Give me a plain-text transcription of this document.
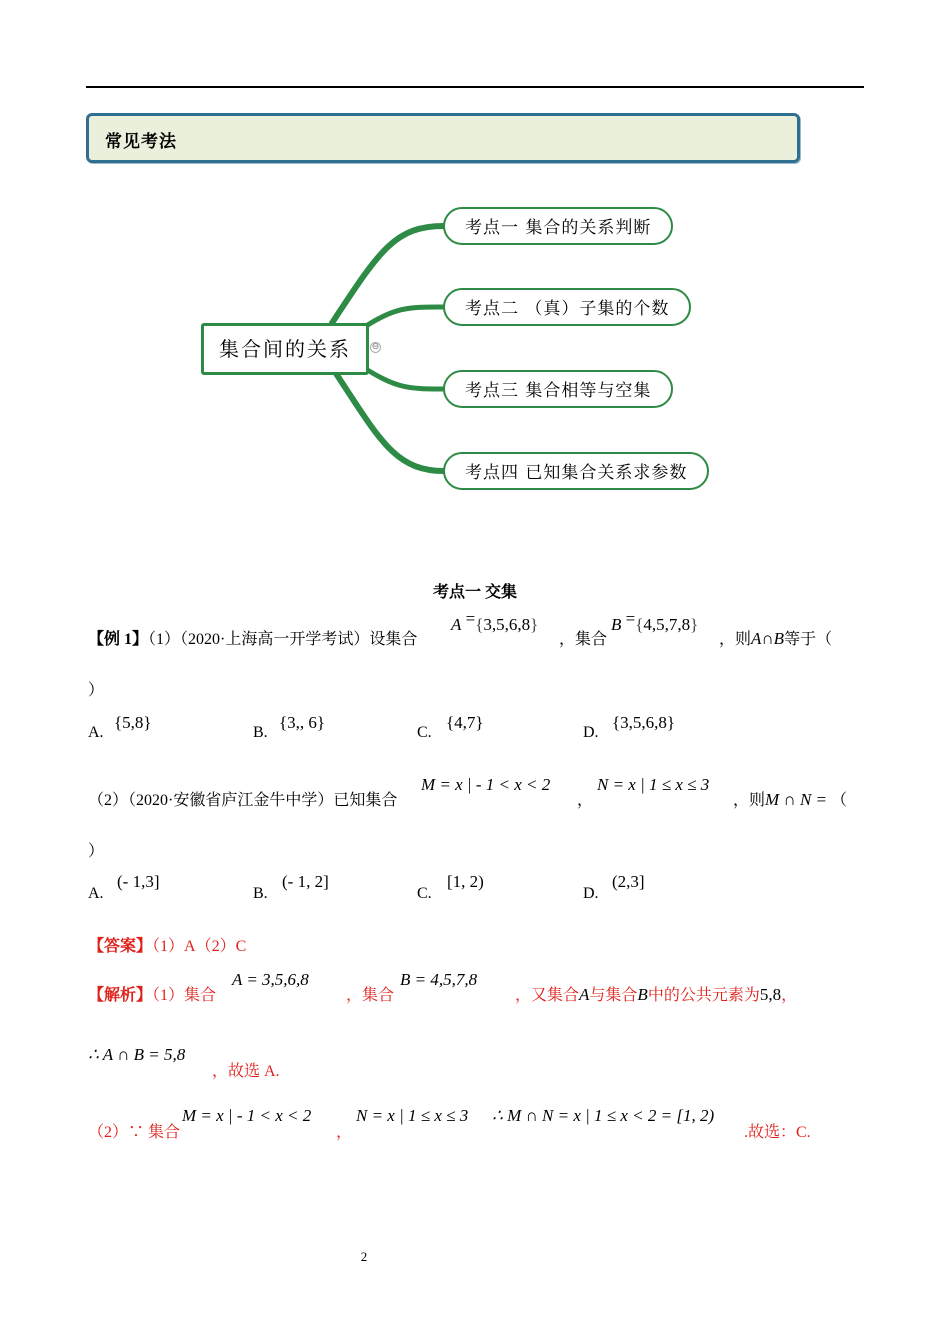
常见考法
集合间的关系	⊖
考点一 集合的关系判断
考点二 （真）子集的个数
考点三 集合相等与空集
考点四 已知集合关系求参数
考点一 交集
【例 1】（1）（2020·上海高一开学考试）设集合
A ={3,5,6,8}
，集合
B ={4,5,7,8}
，则A∩B等于（
）
A.
{5,8}
B.
{3,, 6}
C.
{4,7}
D.
{3,5,6,8}
（2）（2020·安徽省庐江金牛中学）已知集合
M = x | - 1 < x < 2
，
N = x | 1 ≤ x ≤ 3
，则M ∩ N = （
）
A.
(- 1,3]
B.
(- 1, 2]
C.
[1, 2)
D.
(2,3]
【答案】（1）A（2）C
【解析】（1）集合
A = 3,5,6,8
，集合
B = 4,5,7,8
，又集合A与集合B中的公共元素为5,8，
∴ A ∩ B = 5,8
，故选 A.
（2）∵ 集合
M = x | - 1 < x < 2
，
N = x | 1 ≤ x ≤ 3 ∴ M ∩ N = x | 1 ≤ x < 2 = [1, 2)
.故选：C.
2
